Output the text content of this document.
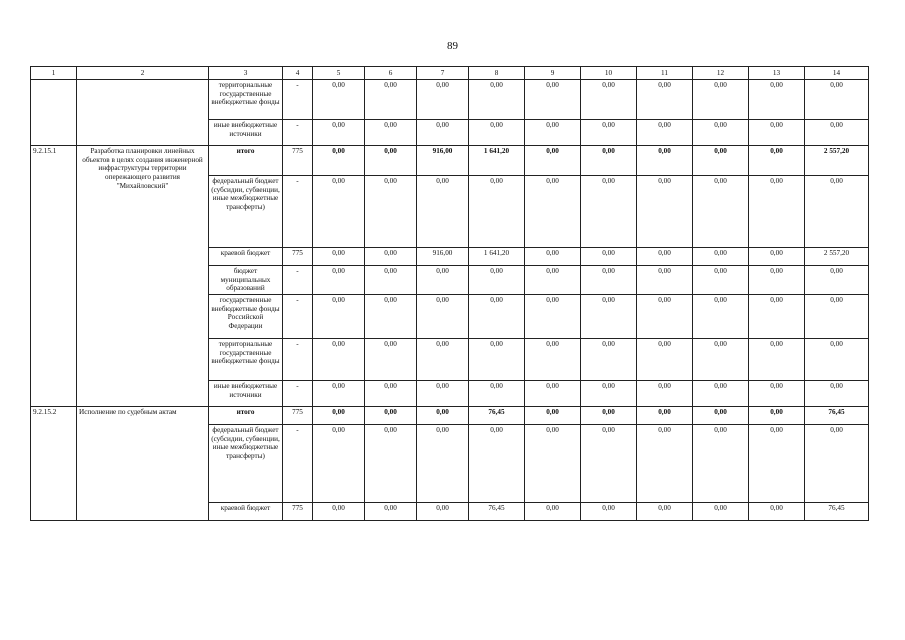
89
1	2	3	4	5	6	7	8	9	10	11	12	13	14
		территориальные государственные внебюджетные фонды	-	0,00	0,00	0,00	0,00	0,00	0,00	0,00	0,00	0,00	0,00
		иные внебюджетные источники	-	0,00	0,00	0,00	0,00	0,00	0,00	0,00	0,00	0,00	0,00
9.2.15.1	Разработка планировки линейных объектов в целях создания инженерной инфраструктуры территории опережающего развития "Михайловский"	итого	775	0,00	0,00	916,00	1 641,20	0,00	0,00	0,00	0,00	0,00	2 557,20
		федеральный бюджет (субсидии, субвенции, иные межбюджетные трансферты)	-	0,00	0,00	0,00	0,00	0,00	0,00	0,00	0,00	0,00	0,00
		краевой бюджет	775	0,00	0,00	916,00	1 641,20	0,00	0,00	0,00	0,00	0,00	2 557,20
		бюджет муниципальных образований	-	0,00	0,00	0,00	0,00	0,00	0,00	0,00	0,00	0,00	0,00
		государственные внебюджетные фонды Российской Федерации	-	0,00	0,00	0,00	0,00	0,00	0,00	0,00	0,00	0,00	0,00
		территориальные государственные внебюджетные фонды	-	0,00	0,00	0,00	0,00	0,00	0,00	0,00	0,00	0,00	0,00
		иные внебюджетные источники	-	0,00	0,00	0,00	0,00	0,00	0,00	0,00	0,00	0,00	0,00
9.2.15.2	Исполнение по судебным актам	итого	775	0,00	0,00	0,00	76,45	0,00	0,00	0,00	0,00	0,00	76,45
		федеральный бюджет (субсидии, субвенции, иные межбюджетные трансферты)	-	0,00	0,00	0,00	0,00	0,00	0,00	0,00	0,00	0,00	0,00
		краевой бюджет	775	0,00	0,00	0,00	76,45	0,00	0,00	0,00	0,00	0,00	76,45
